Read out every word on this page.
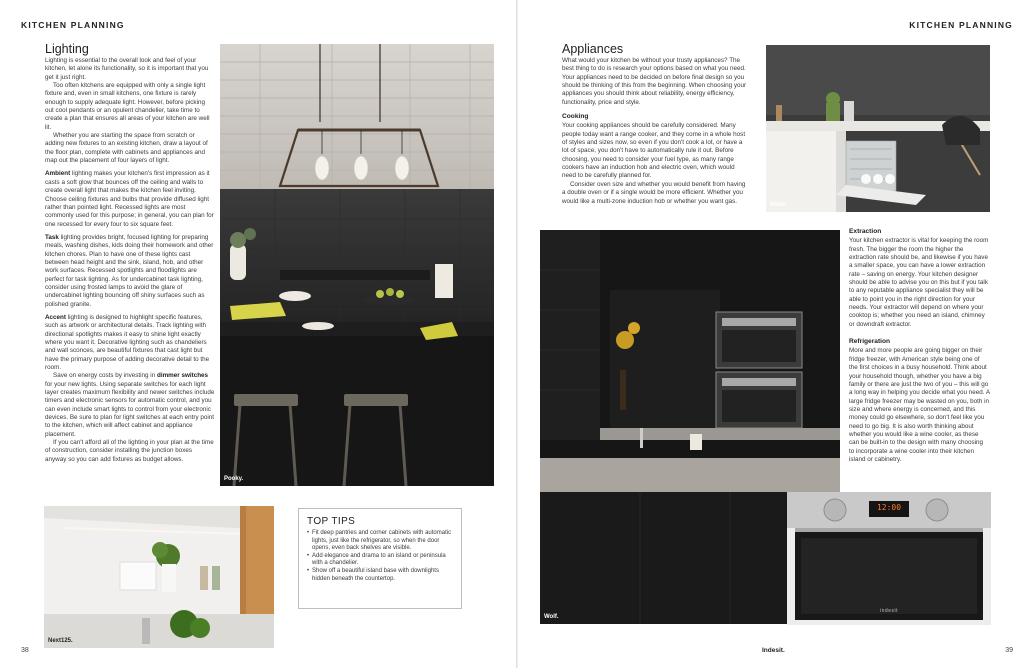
KITCHEN PLANNING	KITCHEN PLANNING
Lighting

Lighting is essential to the overall look and feel of your kitchen, let alone its functionality, so it is important that you get it just right.

Too often kitchens are equipped with only a single light fixture and, even in small kitchens, one fixture is rarely enough to supply adequate light. However, before picking out cool pendants or an opulent chandelier, take time to create a plan that ensures all areas of your kitchen are well lit.

Whether you are starting the space from scratch or adding new fixtures to an existing kitchen, draw a layout of the floor plan, complete with cabinets and appliances and map out the placement of four layers of light.

Ambient lighting makes your kitchen's first impression as it casts a soft glow that bounces off the ceiling and walls to create overall light that makes the kitchen feel inviting. Choose ceiling fixtures and bulbs that provide diffused light rather than pointed light. Recessed lights are most commonly used for this purpose; in general, you can plan for one recessed for every four to six square feet.

Task lighting provides bright, focused lighting for preparing meals, washing dishes, kids doing their homework and other kitchen chores. Plan to have one of these lights cast between head height and the sink, island, hob, and other work surfaces. Recessed spotlights and floodlights are perfect for task lighting. As for undercabinet task lighting, consider using frosted lamps to avoid the glare of undercabinet lighting bouncing off shiny surfaces such as polished granite.

Accent lighting is designed to highlight specific features, such as artwork or architectural details. Track lighting with directional spotlights makes it easy to shine light exactly where you want it. Decorative lighting such as chandeliers and wall sconces, are beautiful fixtures that cast light but have the primary purpose of adding decorative detail to the room.

Save on energy costs by investing in dimmer switches for your new lights. Using separate switches for each light layer creates maximum flexibility and newer switches include timers and electronic sensors for automatic control, and you can even include smart lights to control from your electronic devices. Be sure to plan for light switches at each entry point to the kitchen, which will affect cabinet and appliance placement.

If you can't afford all of the lighting in your plan at the time of construction, consider installing the junction boxes anyway so you can add fixtures as budget allows.

Pooky.
Next125.
TOP TIPS
• Fit deep pantries and corner cabinets with automatic lights, just like the refrigerator, so when the door opens, even back shelves are visible.
• Add elegance and drama to an island or peninsula with a chandelier.
• Show off a beautiful island base with downlights hidden beneath the countertop.
38
Appliances

What would your kitchen be without your trusty appliances? The best thing to do is research your options based on what you need. Your appliances need to be decided on before final design so you should be thinking of this from the beginning. When choosing your appliances you should think about reliability, energy efficiency, functionality, price and style.

Cooking

Your cooking appliances should be carefully considered. Many people today want a range cooker, and they come in a whole host of styles and sizes now, so even if you don't cook a lot, or have a lot of space, you don't have to automatically rule it out. Before choosing, you need to consider your fuel type, as many range cookers have an induction hob and electric oven, which would need to be carefully planned for.

Consider oven size and whether you would benefit from having a double oven or if a single would be more efficient. Whether you would like a multi-zone induction hob or whether you want gas.

Miele.
Wolf.
Extraction

Your kitchen extractor is vital for keeping the room fresh. The bigger the room the higher the extraction rate should be, and likewise if you have a smaller space, you can have a lower extraction rate – saving on energy. Your kitchen designer should be able to advise you on this but if you talk to any reputable appliance specialist they will be able to point you in the right direction for your needs. Your extractor will depend on where your cooktop is; whether you need an island, chimney or downdraft extractor.

Refrigeration

More and more people are going bigger on their fridge freezer, with American style being one of the first choices in a busy household. Think about your household though, whether you have a big family or there are just the two of you – this will go a long way in helping you decide what you need. A large fridge freezer may be wasted on you, both in size and where energy is concerned, and this money could go elsewhere, so don't feel like you need to go big. It is also worth thinking about whether you would like a wine cooler, as these can be built-in to the design with many choosing to incorporate a wine cooler into their kitchen island or cabinetry.

12:00
indesit
Indesit.	39
